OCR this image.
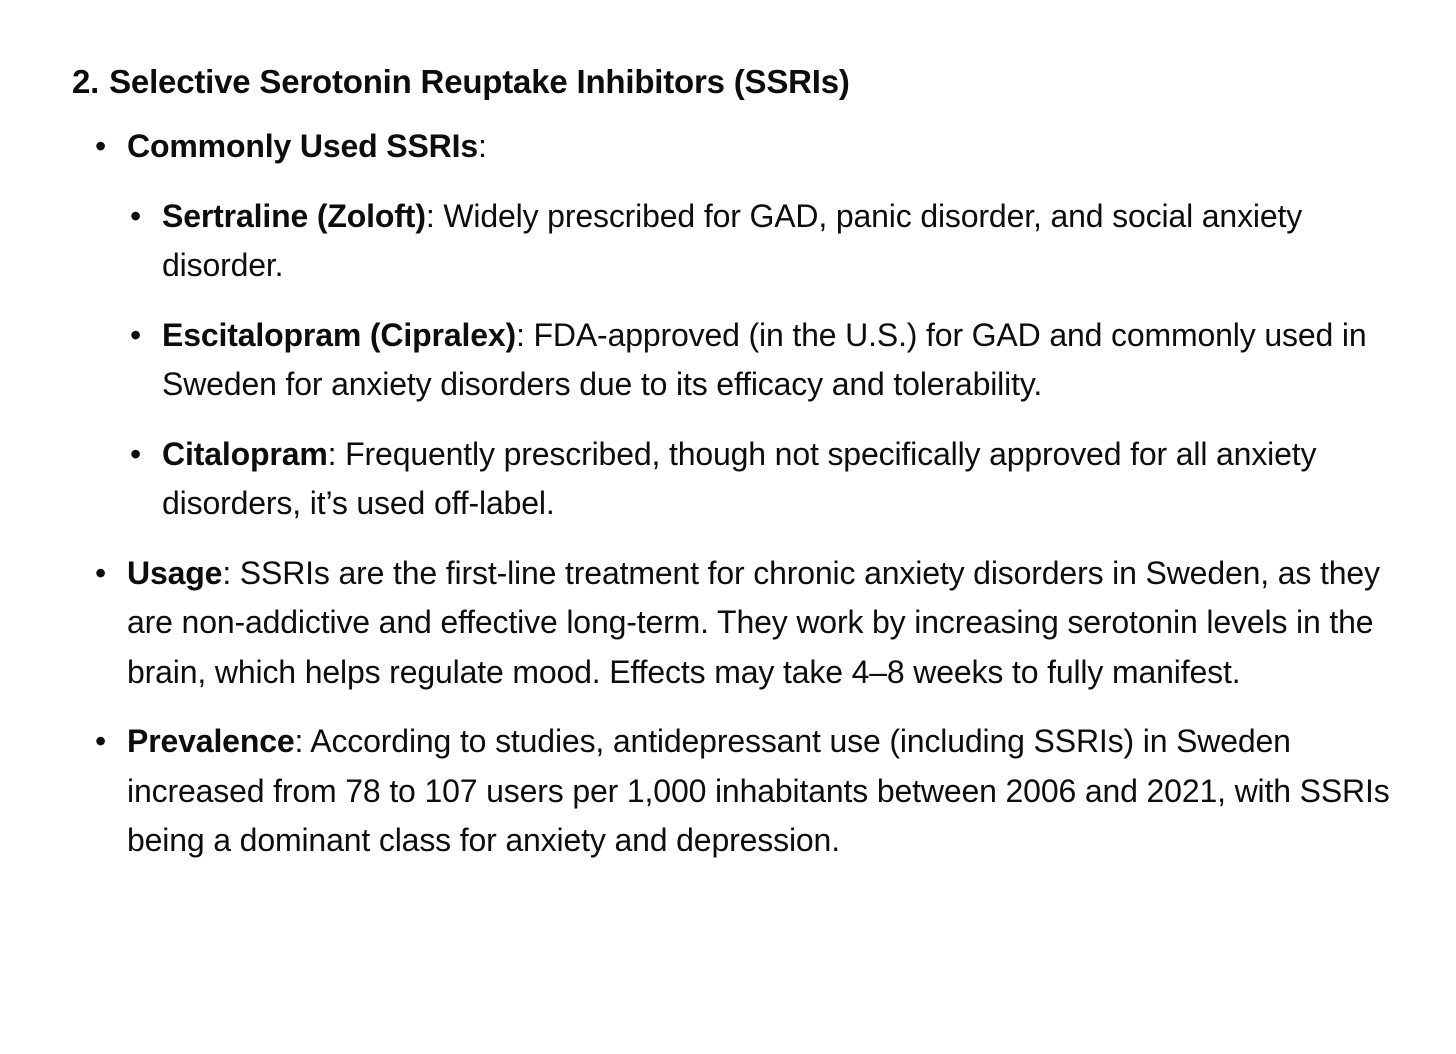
2. Selective Serotonin Reuptake Inhibitors (SSRIs)
• Commonly Used SSRIs:
• Sertraline (Zoloft): Widely prescribed for GAD, panic disorder, and social anxiety disorder.
• Escitalopram (Cipralex): FDA-approved (in the U.S.) for GAD and commonly used in Sweden for anxiety disorders due to its efficacy and tolerability.
• Citalopram: Frequently prescribed, though not specifically approved for all anxiety disorders, it’s used off-label.
• Usage: SSRIs are the first-line treatment for chronic anxiety disorders in Sweden, as they are non-addictive and effective long-term. They work by increasing serotonin levels in the brain, which helps regulate mood. Effects may take 4–8 weeks to fully manifest.
• Prevalence: According to studies, antidepressant use (including SSRIs) in Sweden increased from 78 to 107 users per 1,000 inhabitants between 2006 and 2021, with SSRIs being a dominant class for anxiety and depression.
